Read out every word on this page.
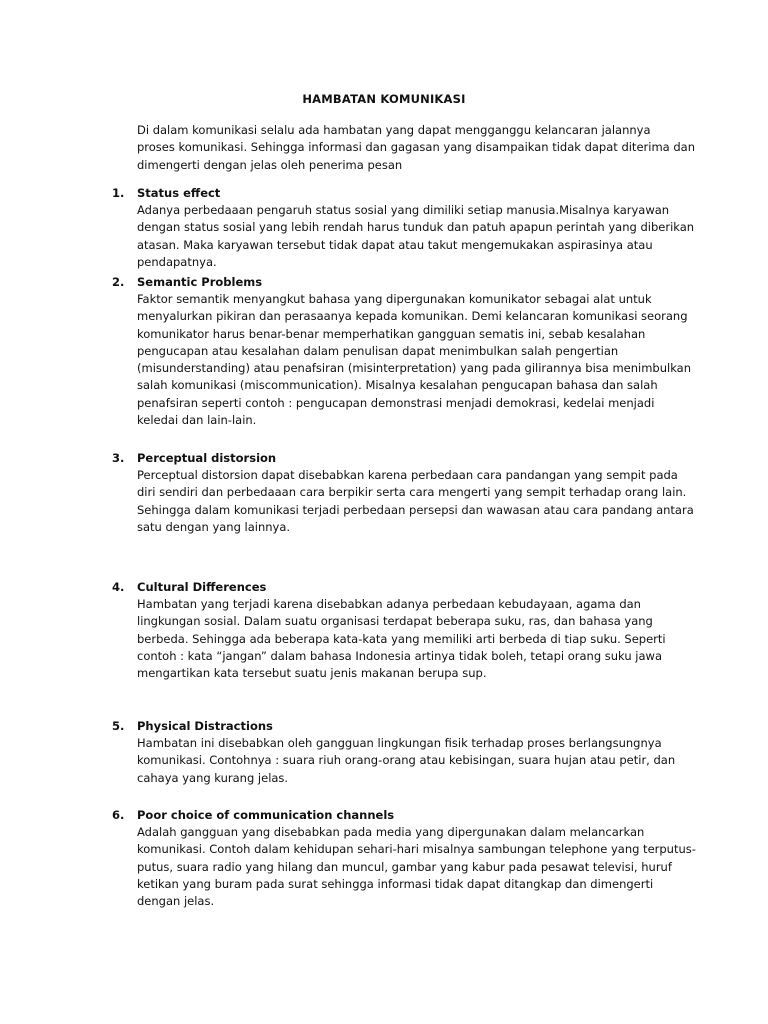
HAMBATAN KOMUNIKASI
Di dalam komunikasi selalu ada hambatan yang dapat mengganggu kelancaran jalannya
proses komunikasi. Sehingga informasi dan gagasan yang disampaikan tidak dapat diterima dan
dimengerti dengan jelas oleh penerima pesan
1. Status effect
Adanya perbedaaan pengaruh status sosial yang dimiliki setiap manusia.Misalnya karyawan
dengan status sosial yang lebih rendah harus tunduk dan patuh apapun perintah yang diberikan
atasan. Maka karyawan tersebut tidak dapat atau takut mengemukakan aspirasinya atau
pendapatnya.
2. Semantic Problems
Faktor semantik menyangkut bahasa yang dipergunakan komunikator sebagai alat untuk
menyalurkan pikiran dan perasaanya kepada komunikan. Demi kelancaran komunikasi seorang
komunikator harus benar-benar memperhatikan gangguan sematis ini, sebab kesalahan
pengucapan atau kesalahan dalam penulisan dapat menimbulkan salah pengertian
(misunderstanding) atau penafsiran (misinterpretation) yang pada gilirannya bisa menimbulkan
salah komunikasi (miscommunication). Misalnya kesalahan pengucapan bahasa dan salah
penafsiran seperti contoh : pengucapan demonstrasi menjadi demokrasi, kedelai menjadi
keledai dan lain-lain.
3. Perceptual distorsion
Perceptual distorsion dapat disebabkan karena perbedaan cara pandangan yang sempit pada
diri sendiri dan perbedaaan cara berpikir serta cara mengerti yang sempit terhadap orang lain.
Sehingga dalam komunikasi terjadi perbedaan persepsi dan wawasan atau cara pandang antara
satu dengan yang lainnya.
4. Cultural Differences
Hambatan yang terjadi karena disebabkan adanya perbedaan kebudayaan, agama dan
lingkungan sosial. Dalam suatu organisasi terdapat beberapa suku, ras, dan bahasa yang
berbeda. Sehingga ada beberapa kata-kata yang memiliki arti berbeda di tiap suku. Seperti
contoh : kata “jangan” dalam bahasa Indonesia artinya tidak boleh, tetapi orang suku jawa
mengartikan kata tersebut suatu jenis makanan berupa sup.
5. Physical Distractions
Hambatan ini disebabkan oleh gangguan lingkungan fisik terhadap proses berlangsungnya
komunikasi. Contohnya : suara riuh orang-orang atau kebisingan, suara hujan atau petir, dan
cahaya yang kurang jelas.
6. Poor choice of communication channels
Adalah gangguan yang disebabkan pada media yang dipergunakan dalam melancarkan
komunikasi. Contoh dalam kehidupan sehari-hari misalnya sambungan telephone yang terputus-
putus, suara radio yang hilang dan muncul, gambar yang kabur pada pesawat televisi, huruf
ketikan yang buram pada surat sehingga informasi tidak dapat ditangkap dan dimengerti
dengan jelas.
